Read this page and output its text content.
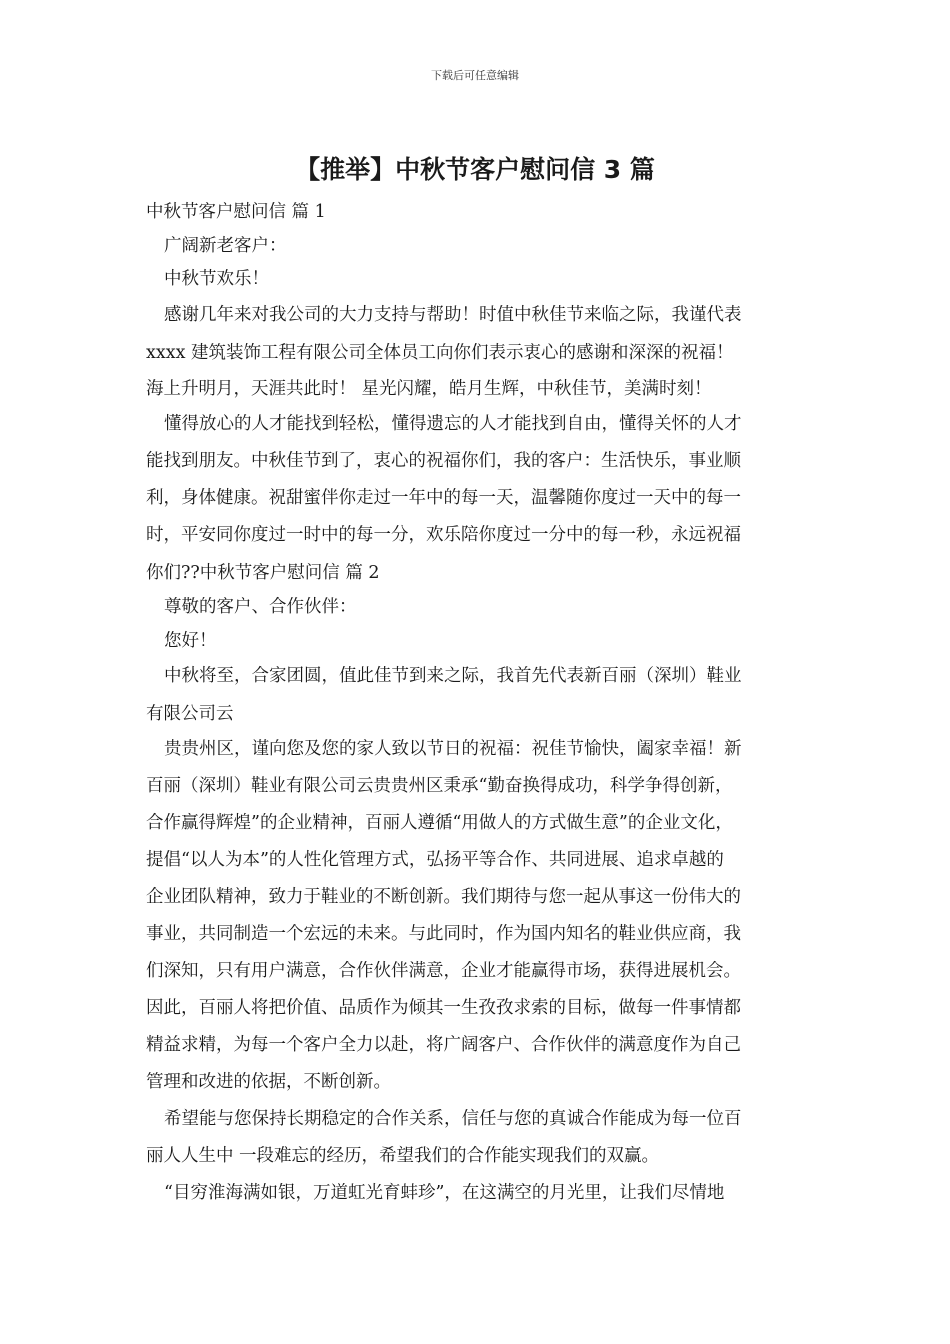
下载后可任意编辑
【推举】中秋节客户慰问信 3 篇
中秋节客户慰问信 篇 1
广阔新老客户：
中秋节欢乐！
感谢几年来对我公司的大力支持与帮助！时值中秋佳节来临之际，我谨代表
xxxx 建筑装饰工程有限公司全体员工向你们表示衷心的感谢和深深的祝福！
海上升明月，天涯共此时！ 星光闪耀，皓月生辉，中秋佳节，美满时刻！
懂得放心的人才能找到轻松，懂得遗忘的人才能找到自由，懂得关怀的人才
能找到朋友。中秋佳节到了，衷心的祝福你们，我的客户：生活快乐，事业顺
利，身体健康。祝甜蜜伴你走过一年中的每一天，温馨随你度过一天中的每一
时，平安同你度过一时中的每一分，欢乐陪你度过一分中的每一秒，永远祝福
你们??中秋节客户慰问信 篇 2
尊敬的客户、合作伙伴：
您好！
中秋将至，合家团圆，值此佳节到来之际，我首先代表新百丽（深圳）鞋业
有限公司云
贵贵州区，谨向您及您的家人致以节日的祝福：祝佳节愉快，阖家幸福！新
百丽（深圳）鞋业有限公司云贵贵州区秉承“勤奋换得成功，科学争得创新，
合作赢得辉煌”的企业精神，百丽人遵循“用做人的方式做生意”的企业文化，
提倡“以人为本”的人性化管理方式，弘扬平等合作、共同进展、追求卓越的
企业团队精神，致力于鞋业的不断创新。我们期待与您一起从事这一份伟大的
事业，共同制造一个宏远的未来。与此同时，作为国内知名的鞋业供应商，我
们深知，只有用户满意，合作伙伴满意，企业才能赢得市场，获得进展机会。
因此，百丽人将把价值、品质作为倾其一生孜孜求索的目标，做每一件事情都
精益求精，为每一个客户全力以赴，将广阔客户、合作伙伴的满意度作为自己
管理和改进的依据，不断创新。
希望能与您保持长期稳定的合作关系，信任与您的真诚合作能成为每一位百
丽人人生中 一段难忘的经历，希望我们的合作能实现我们的双赢。
“目穷淮海满如银，万道虹光育蚌珍”，在这满空的月光里，让我们尽情地
